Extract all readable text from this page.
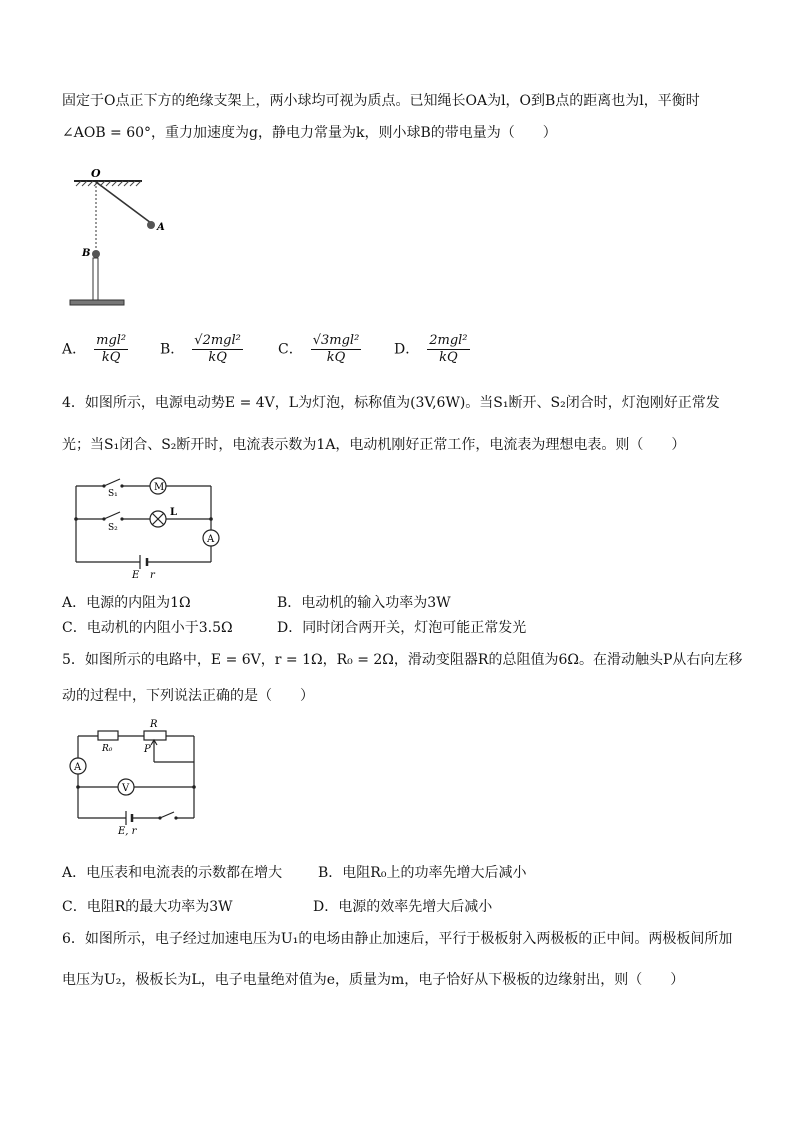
固定于O点正下方的绝缘支架上，两小球均可视为质点。已知绳长OA为l，O到B点的距离也为l，平衡时
∠AOB = 60°，重力加速度为g，静电力常量为k，则小球B的带电量为（　　）
O
A
B
A． $\frac{\text{mgl²}}{kQ}$ B． $\frac{\text{√2mgl²}}{kQ}$	C． $\frac{\text{√3mgl²}}{kQ}$ D． $\frac{\text{2mgl²}}{kQ}$
4．如图所示，电源电动势E = 4V，L为灯泡，标称值为(3V,6W)。当S₁断开、S₂闭合时，灯泡刚好正常发
光；当S₁闭合、S₂断开时，电流表示数为1A，电动机刚好正常工作，电流表为理想电表。则（　　）
S₁
S₂
M
L
A
E r
A．电源的内阻为1Ω	B．电动机的输入功率为3W
C．电动机的内阻小于3.5Ω	D．同时闭合两开关，灯泡可能正常发光
5．如图所示的电路中，E = 6V，r = 1Ω，R₀ = 2Ω，滑动变阻器R的总阻值为6Ω。在滑动触头P从右向左移
动的过程中，下列说法正确的是（　　）
R
R₀	P
A
V
E, r
A．电压表和电流表的示数都在增大	B．电阻R₀上的功率先增大后减小
C．电阻R的最大功率为3W	D．电源的效率先增大后减小
6．如图所示，电子经过加速电压为U₁的电场由静止加速后，平行于极板射入两极板的正中间。两极板间所加
电压为U₂，极板长为L，电子电量绝对值为e，质量为m，电子恰好从下极板的边缘射出，则（　　）
